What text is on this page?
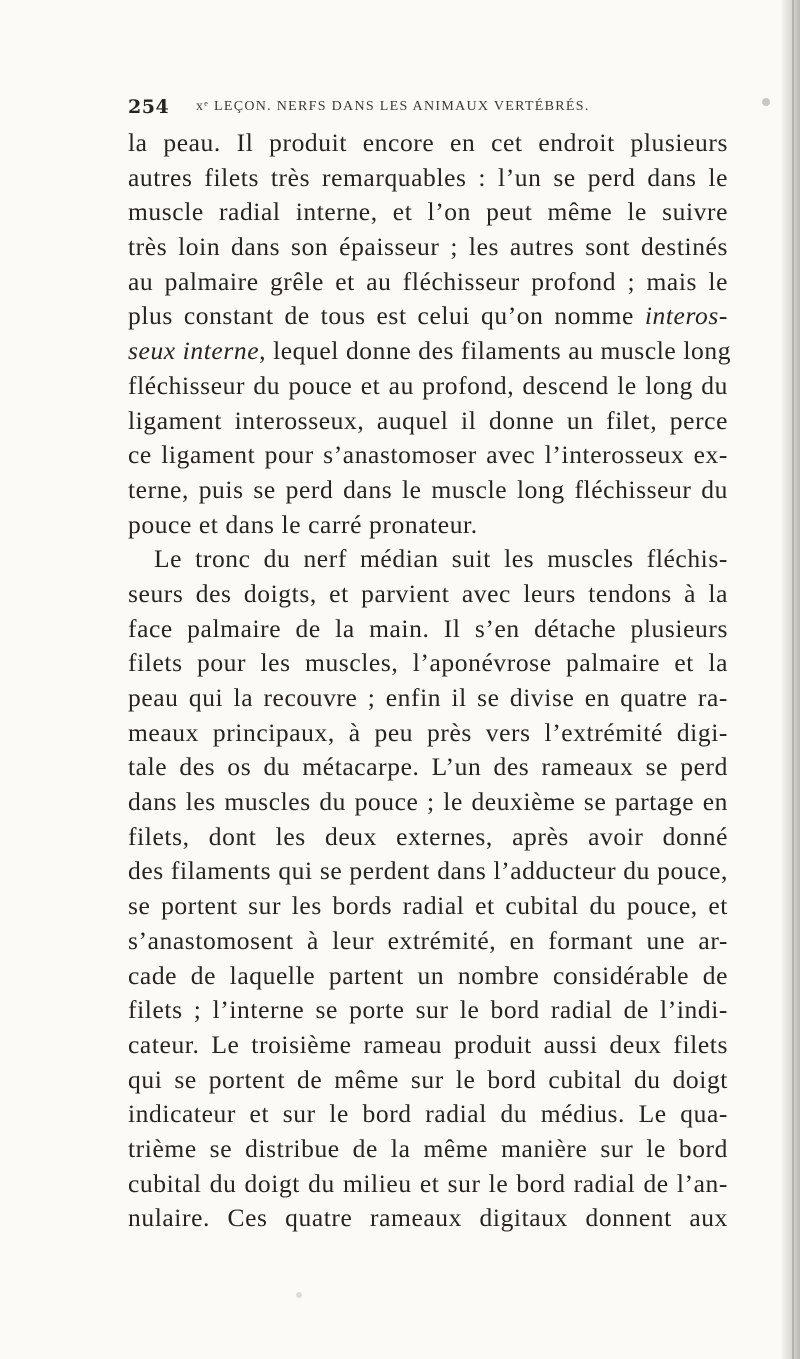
254 xᵉ LEÇON. NERFS DANS LES ANIMAUX VERTÉBRÉS.
la peau. Il produit encore en cet endroit plusieurs
autres filets très remarquables : l’un se perd dans le
muscle radial interne, et l’on peut même le suivre
très loin dans son épaisseur ; les autres sont destinés
au palmaire grêle et au fléchisseur profond ; mais le
plus constant de tous est celui qu’on nomme interos-
seux interne, lequel donne des filaments au muscle long
fléchisseur du pouce et au profond, descend le long du
ligament interosseux, auquel il donne un filet, perce
ce ligament pour s’anastomoser avec l’interosseux ex-
terne, puis se perd dans le muscle long fléchisseur du
pouce et dans le carré pronateur.
Le tronc du nerf médian suit les muscles fléchis-
seurs des doigts, et parvient avec leurs tendons à la
face palmaire de la main. Il s’en détache plusieurs
filets pour les muscles, l’aponévrose palmaire et la
peau qui la recouvre ; enfin il se divise en quatre ra-
meaux principaux, à peu près vers l’extrémité digi-
tale des os du métacarpe. L’un des rameaux se perd
dans les muscles du pouce ; le deuxième se partage en
filets, dont les deux externes, après avoir donné
des filaments qui se perdent dans l’adducteur du pouce,
se portent sur les bords radial et cubital du pouce, et
s’anastomosent à leur extrémité, en formant une ar-
cade de laquelle partent un nombre considérable de
filets ; l’interne se porte sur le bord radial de l’indi-
cateur. Le troisième rameau produit aussi deux filets
qui se portent de même sur le bord cubital du doigt
indicateur et sur le bord radial du médius. Le qua-
trième se distribue de la même manière sur le bord
cubital du doigt du milieu et sur le bord radial de l’an-
nulaire. Ces quatre rameaux digitaux donnent aux
